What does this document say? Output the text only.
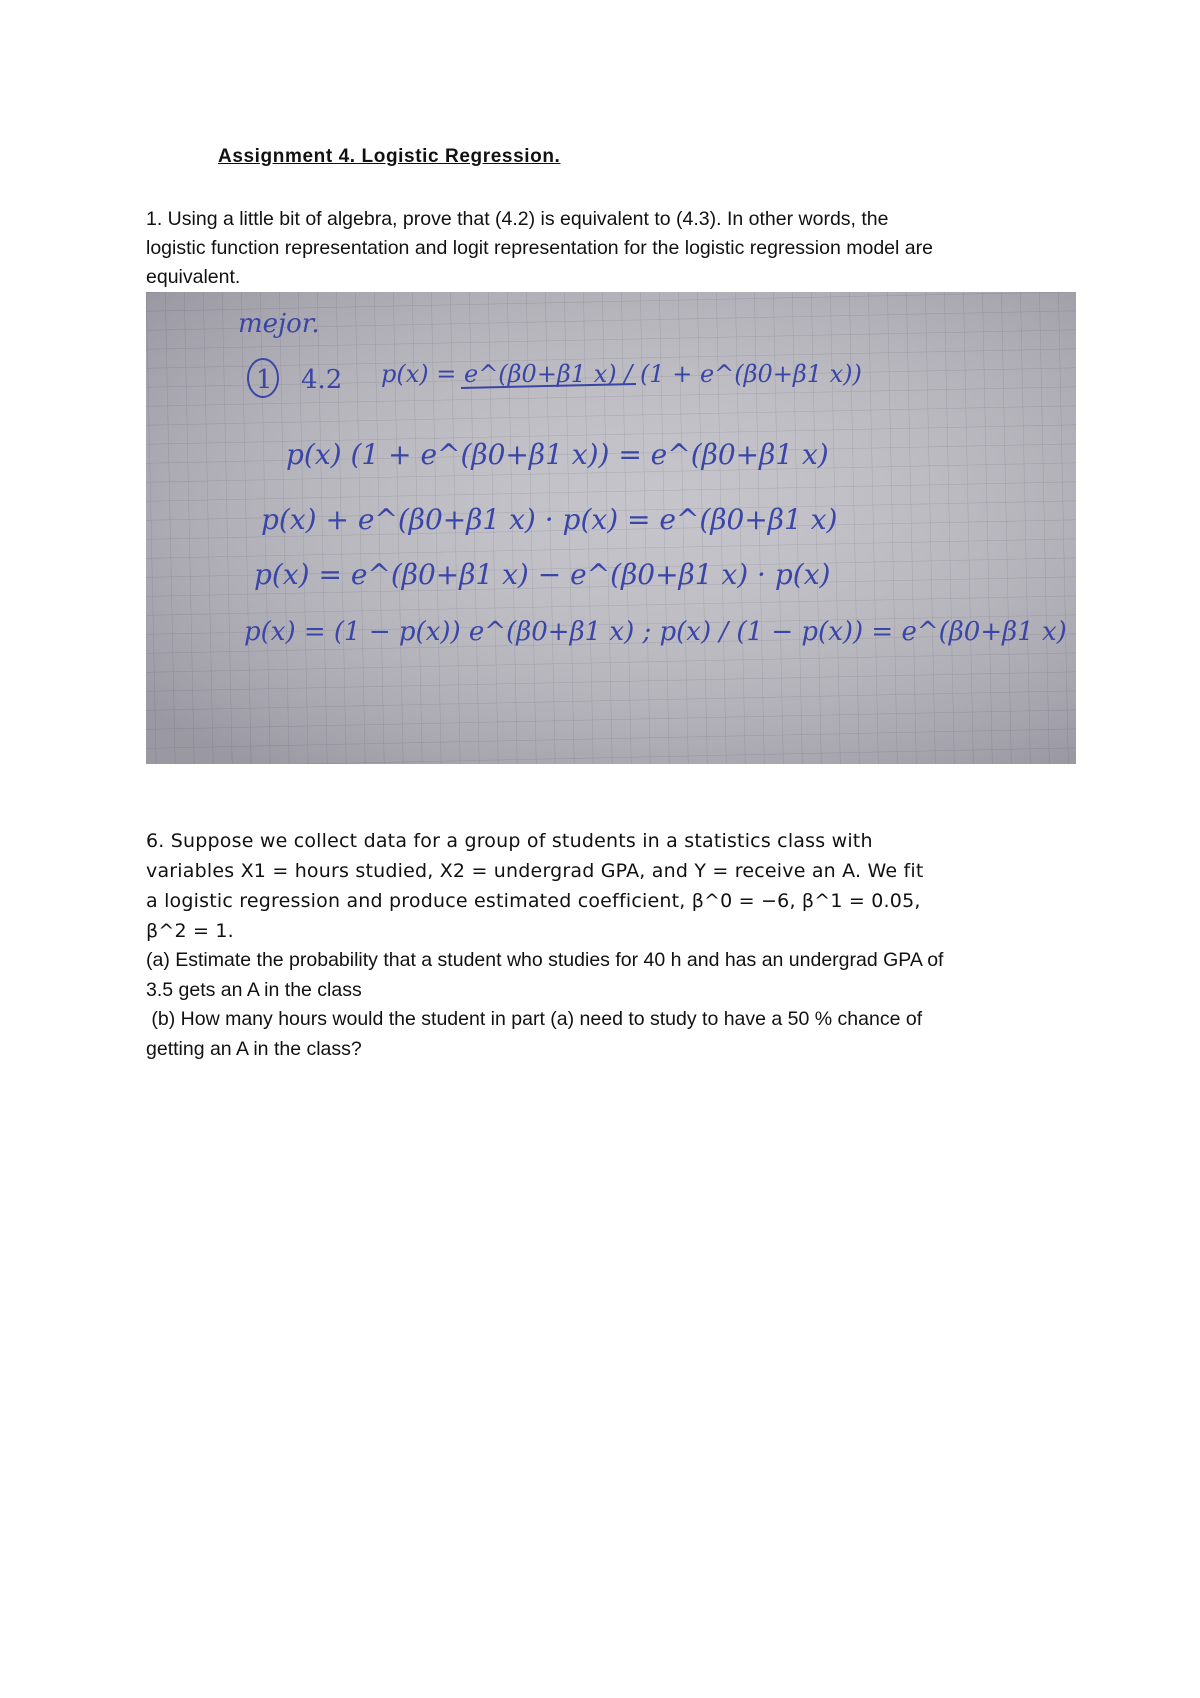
Assignment 4. Logistic Regression.

1. Using a little bit of algebra, prove that (4.2) is equivalent to (4.3). In other words, the

logistic function representation and logit representation for the logistic regression model are

equivalent.

mejor.
1 4.2 p(x) = e^(β0+β1 x) / (1 + e^(β0+β1 x))
p(x) (1 + e^(β0+β1 x)) = e^(β0+β1 x)
p(x) + e^(β0+β1 x) · p(x) = e^(β0+β1 x)
p(x) = e^(β0+β1 x) − e^(β0+β1 x) · p(x)
p(x) = (1 − p(x)) e^(β0+β1 x) ; p(x) / (1 − p(x)) = e^(β0+β1 x)

6. Suppose we collect data for a group of students in a statistics class with

variables X1 = hours studied, X2 = undergrad GPA, and Y = receive an A. We fit

a logistic regression and produce estimated coefficient, β^0 = −6, β^1 = 0.05,

β^2 = 1.

(a) Estimate the probability that a student who studies for 40 h and has an undergrad GPA of

3.5 gets an A in the class

(b) How many hours would the student in part (a) need to study to have a 50 % chance of

getting an A in the class?
